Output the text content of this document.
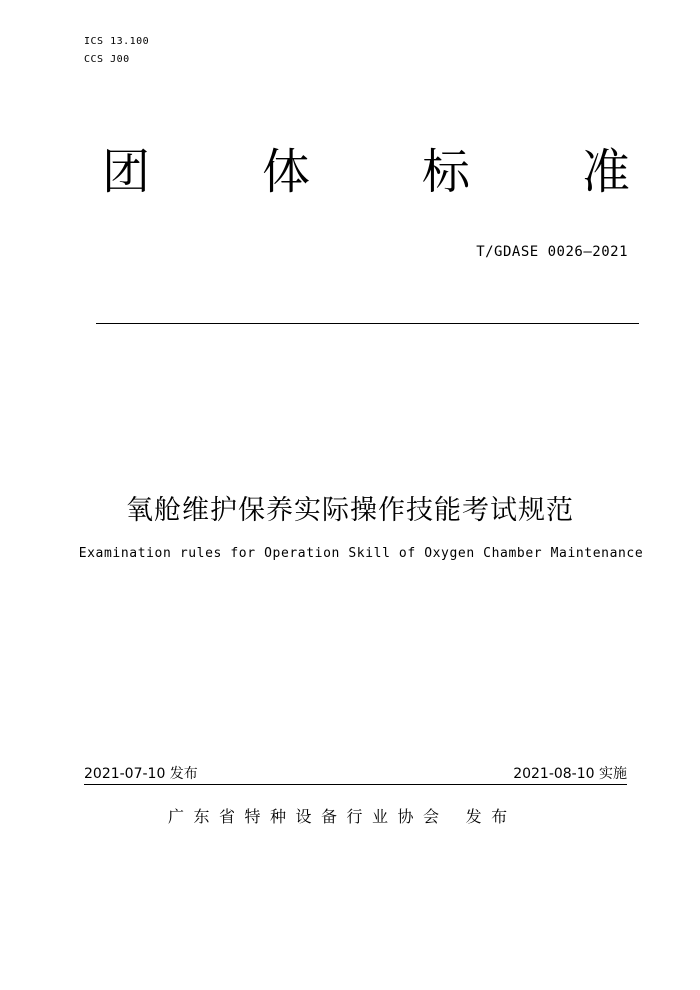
ICS 13.100
CCS J00
团 体 标 准
T/GDASE 0026—2021
氧舱维护保养实际操作技能考试规范
Examination rules for Operation Skill of Oxygen Chamber Maintenance
2021-07-10 发布	2021-08-10 实施
广东省特种设备行业协会 发布
